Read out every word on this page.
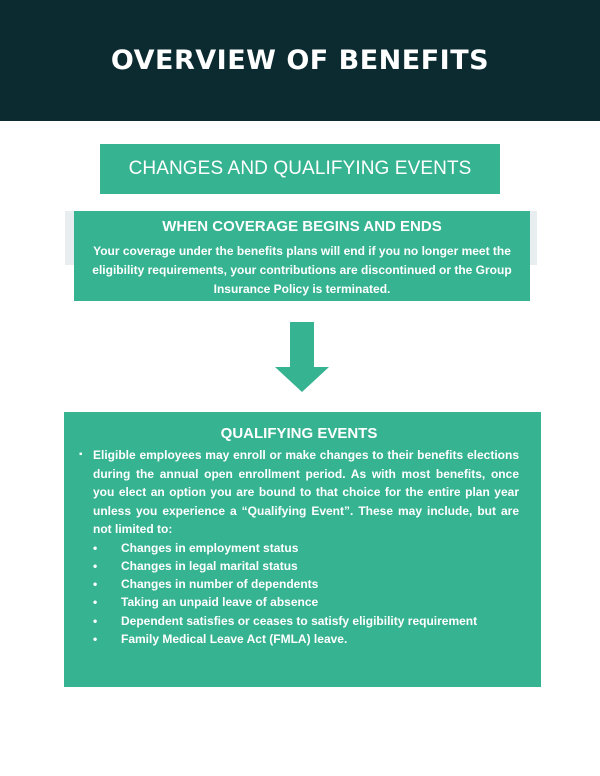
OVERVIEW OF BENEFITS
CHANGES AND QUALIFYING EVENTS
WHEN COVERAGE BEGINS AND ENDS

Your coverage under the benefits plans will end if you no longer meet the eligibility requirements, your contributions are discontinued or the Group Insurance Policy is terminated.

QUALIFYING EVENTS
▪ Eligible employees may enroll or make changes to their benefits elections during the annual open enrollment period. As with most benefits, once you elect an option you are bound to that choice for the entire plan year unless you experience a “Qualifying Event”. These may include, but are not limited to:
•	Changes in employment status
•	Changes in legal marital status
•	Changes in number of dependents
•	Taking an unpaid leave of absence
•	Dependent satisfies or ceases to satisfy eligibility requirement
•	Family Medical Leave Act (FMLA) leave.
